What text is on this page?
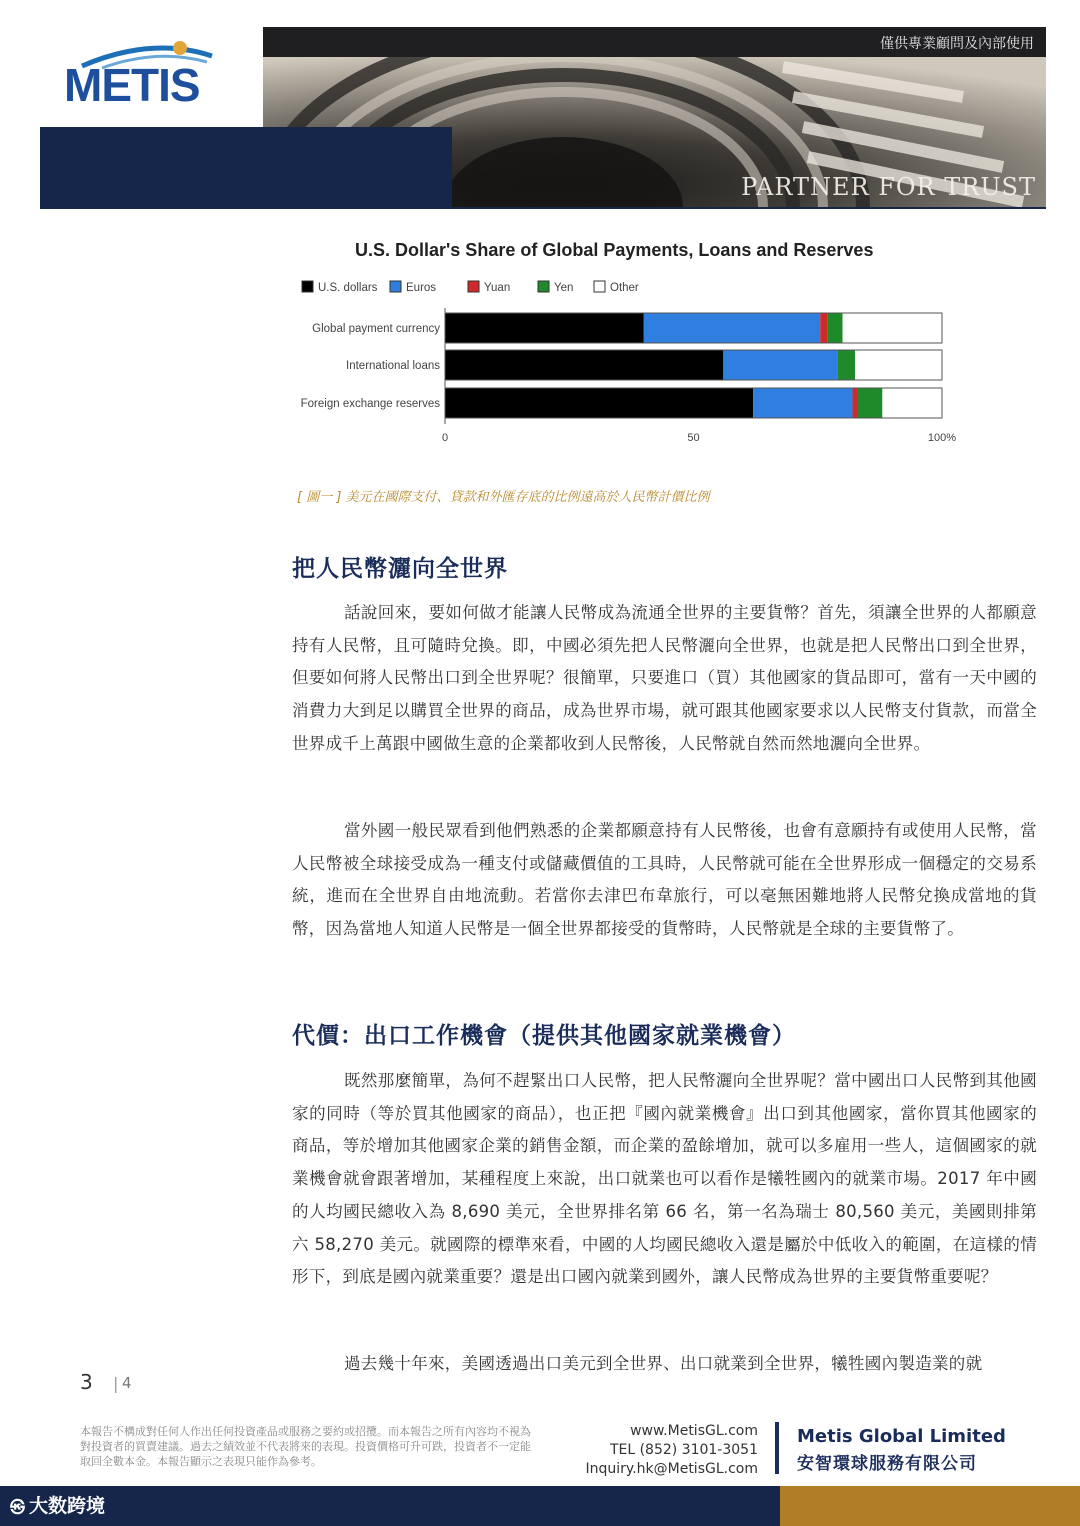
METIS
僅供專業顧問及內部使用
PARTNER FOR TRUST
U.S. Dollar's Share of Global Payments, Loans and Reserves
U.S. dollars Euros	Yuan	Yen	Other
Global payment currency
International loans
Foreign exchange reserves
0	50	100%
[ 圖一 ] 美元在國際支付、貸款和外匯存底的比例遠高於人民幣計價比例
把人民幣灑向全世界

話說回來，要如何做才能讓人民幣成為流通全世界的主要貨幣？首先，須讓全世界的人都願意持有人民幣，且可隨時兌換。即，中國必須先把人民幣灑向全世界，也就是把人民幣出口到全世界，但要如何將人民幣出口到全世界呢？很簡單，只要進口（買）其他國家的貨品即可，當有一天中國的消費力大到足以購買全世界的商品，成為世界市場，就可跟其他國家要求以人民幣支付貨款，而當全世界成千上萬跟中國做生意的企業都收到人民幣後，人民幣就自然而然地灑向全世界。

當外國一般民眾看到他們熟悉的企業都願意持有人民幣後，也會有意願持有或使用人民幣，當人民幣被全球接受成為一種支付或儲藏價值的工具時，人民幣就可能在全世界形成一個穩定的交易系統，進而在全世界自由地流動。若當你去津巴布韋旅行，可以毫無困難地將人民幣兌換成當地的貨幣，因為當地人知道人民幣是一個全世界都接受的貨幣時，人民幣就是全球的主要貨幣了。

代價：出口工作機會（提供其他國家就業機會）

既然那麼簡單，為何不趕緊出口人民幣，把人民幣灑向全世界呢？當中國出口人民幣到其他國家的同時（等於買其他國家的商品），也正把『國內就業機會』出口到其他國家，當你買其他國家的商品，等於增加其他國家企業的銷售金額，而企業的盈餘增加，就可以多雇用一些人，這個國家的就業機會就會跟著增加，某種程度上來說，出口就業也可以看作是犧牲國內的就業市場。2017 年中國的人均國民總收入為 8,690 美元，全世界排名第 66 名，第一名為瑞士 80,560 美元，美國則排第六 58,270 美元。就國際的標準來看，中國的人均國民總收入還是屬於中低收入的範圍，在這樣的情形下，到底是國內就業重要？還是出口國內就業到國外，讓人民幣成為世界的主要貨幣重要呢？

過去幾十年來，美國透過出口美元到全世界、出口就業到全世界，犧牲國內製造業的就

3 | 4

本報告不構成對任何人作出任何投資產品或服務之要約或招攬。而本報告之所有內容均不視為對投資者的買賣建議。過去之績效並不代表將來的表現。投資價格可升可跌，投資者不一定能取回全數本金。本報告顯示之表現只能作為參考。

www.MetisGL.com
TEL (852) 3101-3051
Inquiry.hk@MetisGL.com
Metis Global Limited
安智環球服務有限公司
㉿ 大数跨境
